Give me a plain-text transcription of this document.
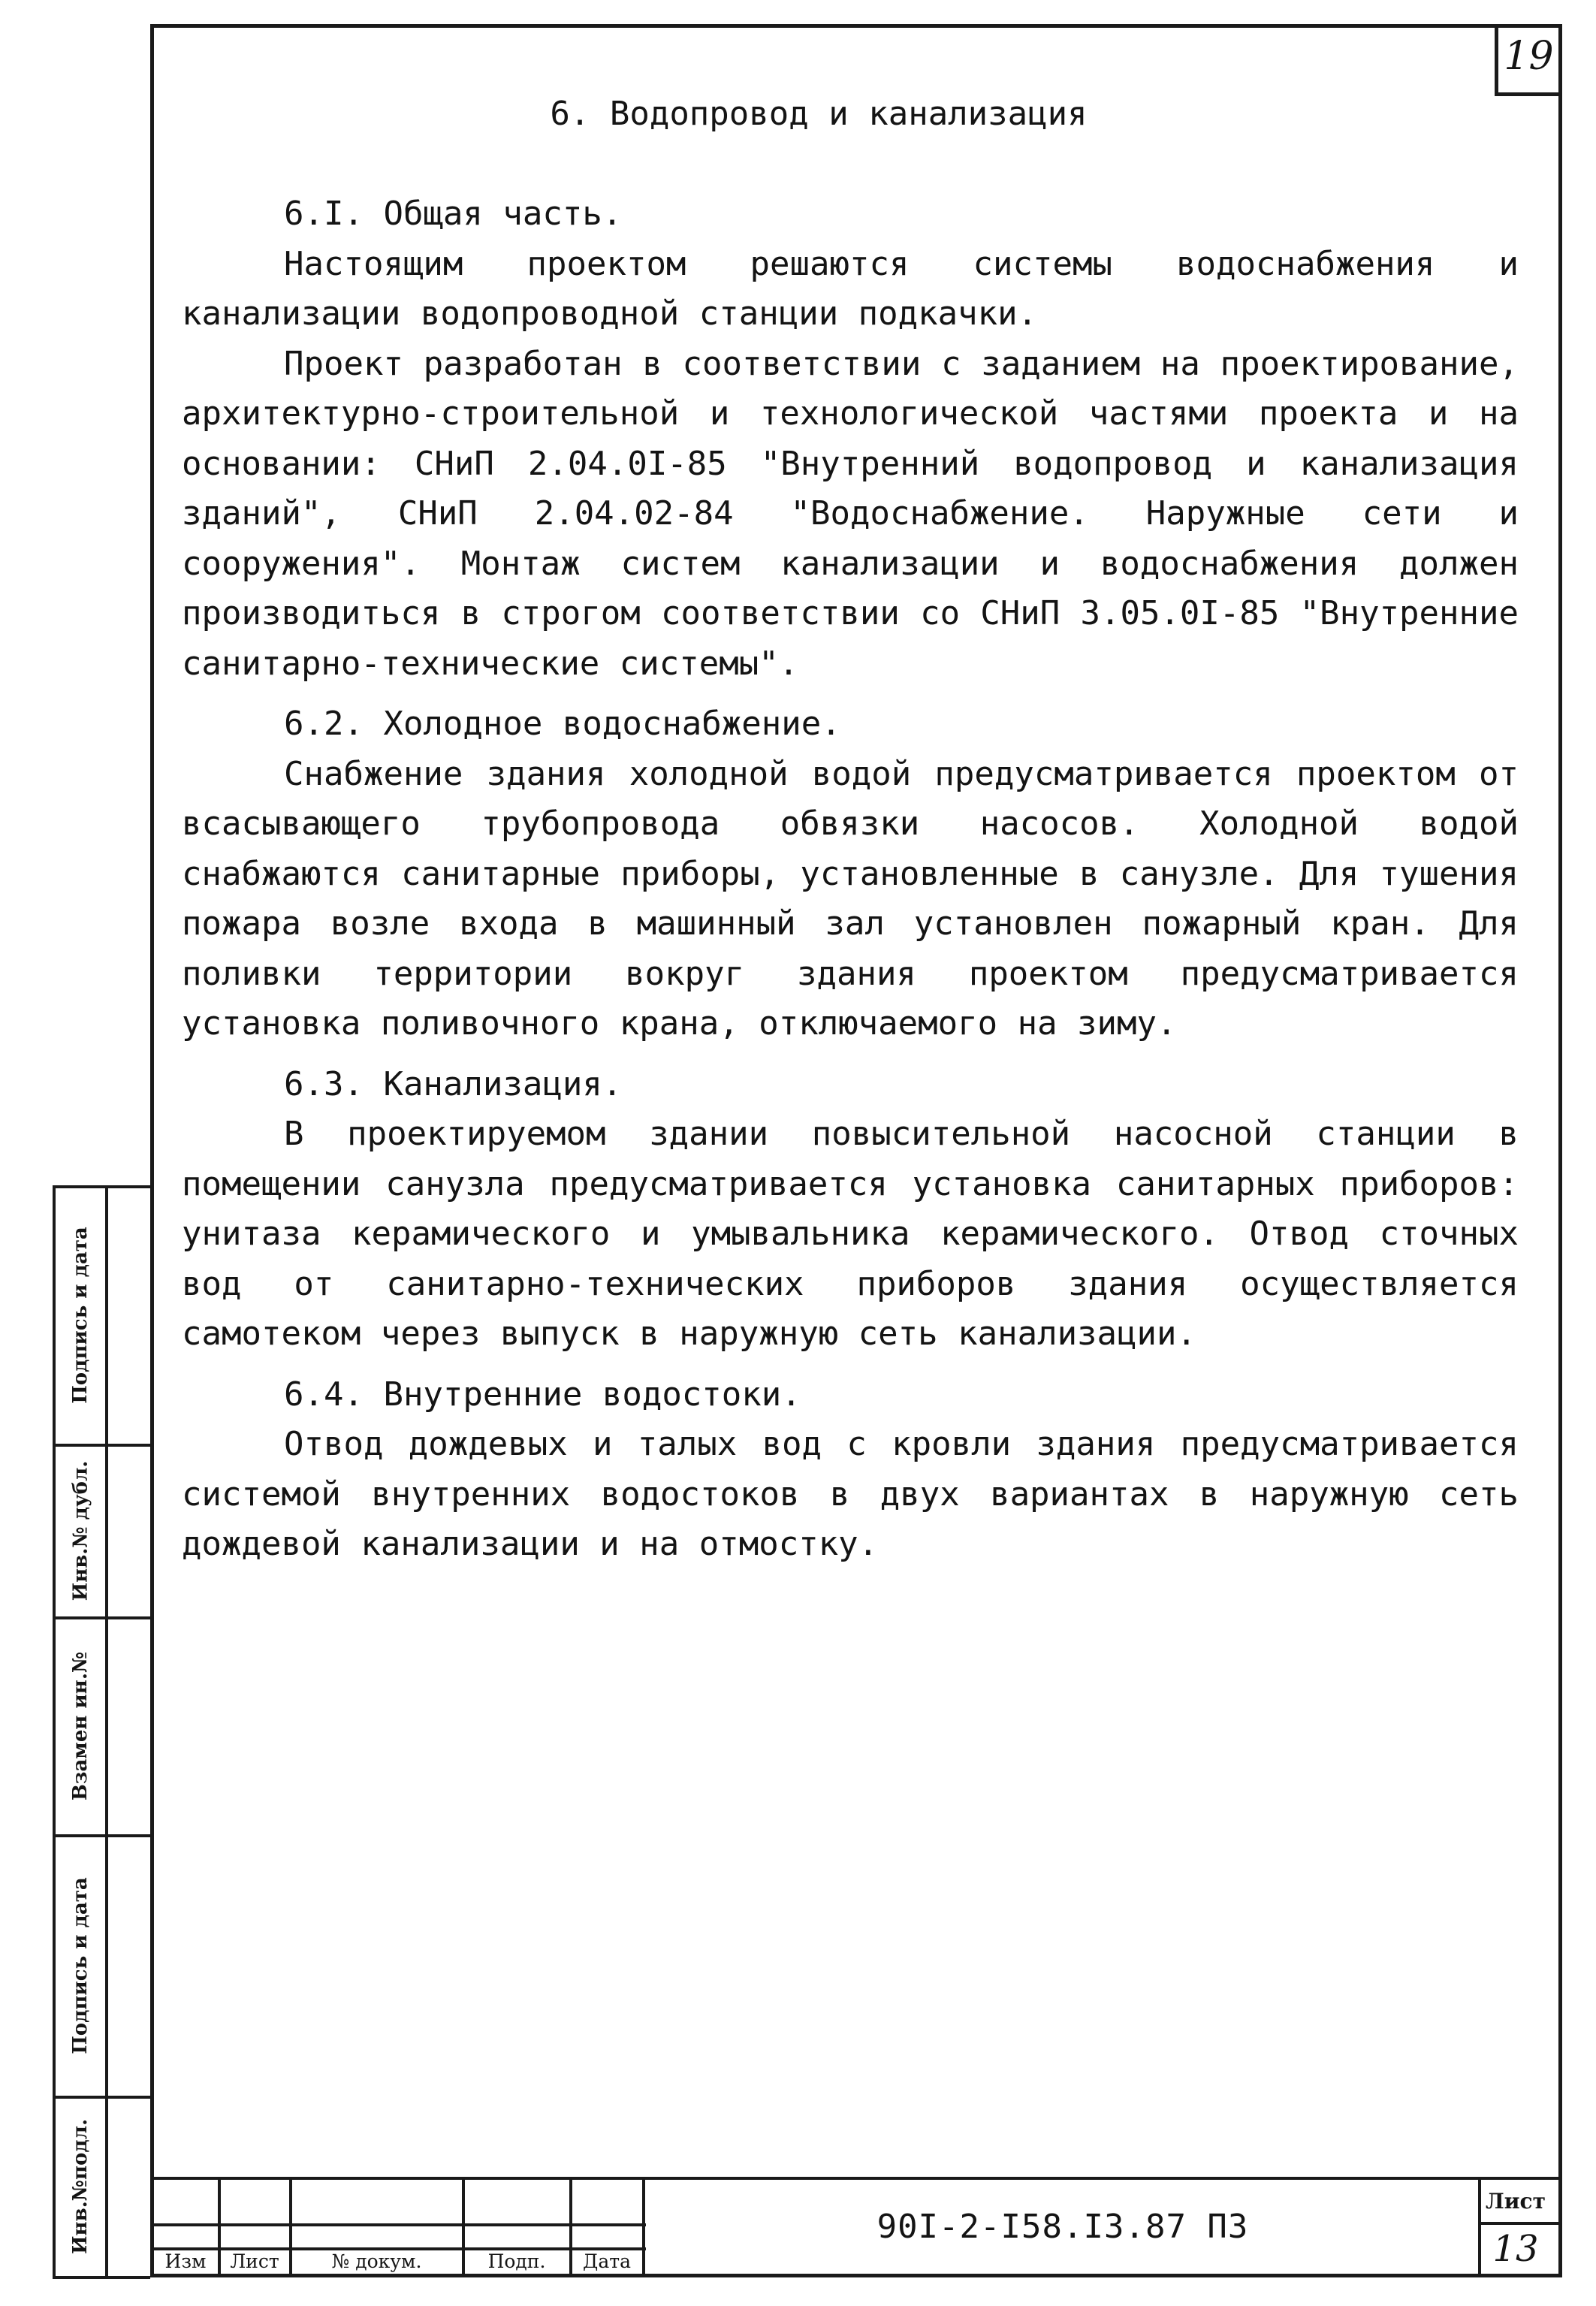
19
6. Водопровод и канализация
6.I. Общая часть.
Настоящим проектом решаются системы водоснабжения и канализации водопроводной станции подкачки.
Проект разработан в соответствии с заданием на проектирование, архитектурно-строительной и технологической частями проекта и на основании: СНиП 2.04.0I-85 "Внутренний водопровод и канализация зданий", СНиП 2.04.02-84 "Водоснабжение. Наружные сети и сооружения". Монтаж систем канализации и водоснабжения должен производиться в строгом соответствии со СНиП 3.05.0I-85 "Внутренние санитарно-технические системы".
6.2. Холодное водоснабжение.
Снабжение здания холодной водой предусматривается проектом от всасывающего трубопровода обвязки насосов. Холодной водой снабжаются санитарные приборы, установленные в санузле. Для тушения пожара возле входа в машинный зал установлен пожарный кран. Для поливки территории вокруг здания проектом предусматривается установка поливочного крана, отключаемого на зиму.
6.3. Канализация.
В проектируемом здании повысительной насосной станции в помещении санузла предусматривается установка санитарных приборов: унитаза керамического и умывальника керамического. Отвод сточных вод от санитарно-технических приборов здания осуществляется самотеком через выпуск в наружную сеть канализации.
6.4. Внутренние водостоки.
Отвод дождевых и талых вод с кровли здания предусматривается системой внутренних водостоков в двух вариантах в наружную сеть дождевой канализации и на отмостку.
Подпись и дата
Инв.№ дубл.
Взамен ин.№
Подпись и дата
Инв.№подл.
Изм	Лист	№ докум.	Подп.	Дата
90I-2-I58.I3.87 ПЗ
Лист
13
